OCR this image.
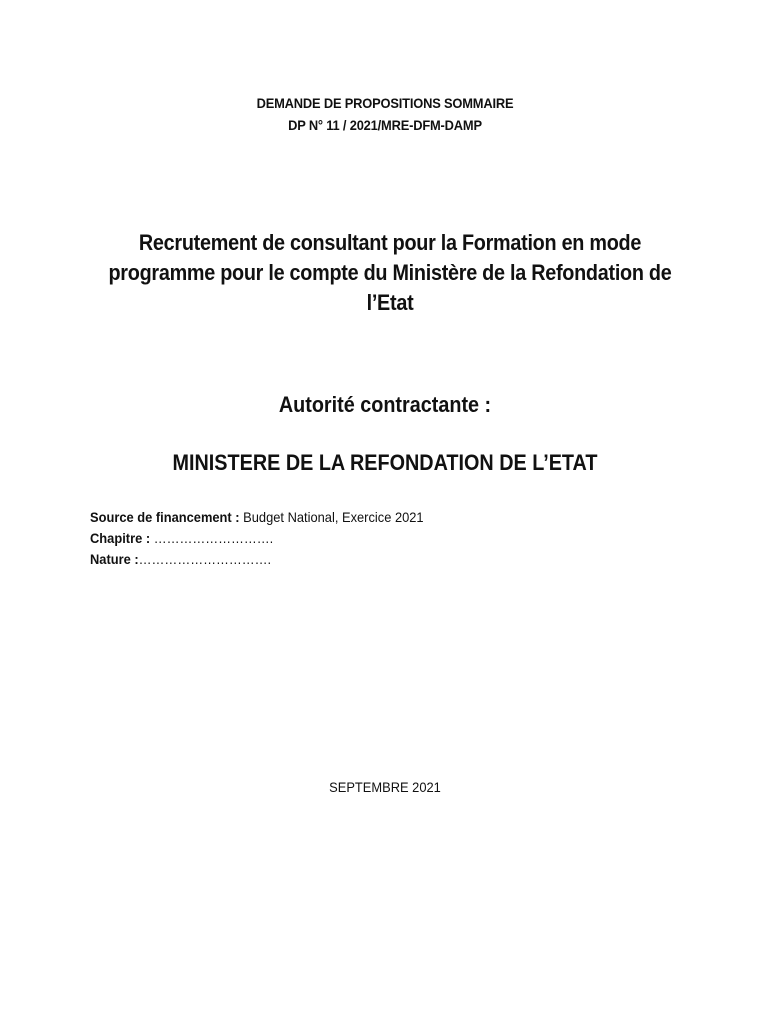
DEMANDE DE PROPOSITIONS SOMMAIRE
DP N° 11 / 2021/MRE-DFM-DAMP
Recrutement de consultant pour la Formation en mode
programme pour le compte du Ministère de la Refondation de
l’Etat
Autorité contractante :
MINISTERE DE LA REFONDATION DE L’ETAT
Source de financement : Budget National, Exercice 2021
Chapitre : ……………………….
Nature :………………………….
SEPTEMBRE 2021
